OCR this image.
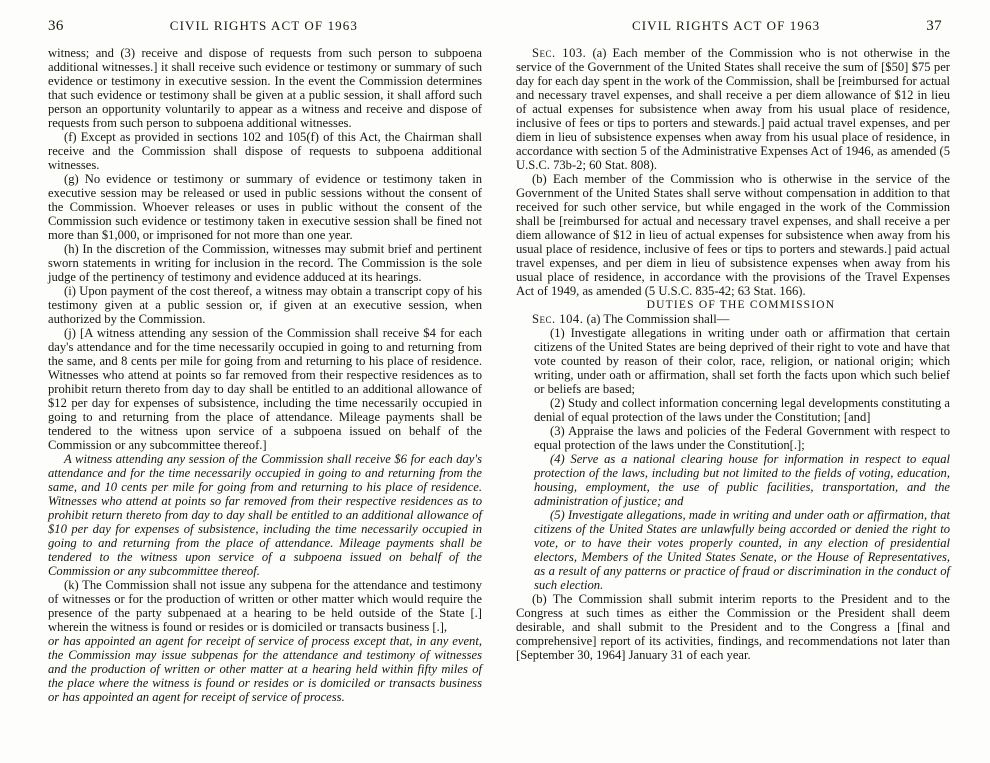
36	CIVIL RIGHTS ACT OF 1963	CIVIL RIGHTS ACT OF 1963	37

witness; and (3) receive and dispose of requests from such person to subpoena additional witnesses.] it shall receive such evidence or testimony or summary of such evidence or testimony in executive session. In the event the Commission determines that such evidence or testimony shall be given at a public session, it shall afford such person an opportunity voluntarily to appear as a witness and receive and dispose of requests from such person to subpoena additional witnesses.

(f) Except as provided in sections 102 and 105(f) of this Act, the Chairman shall receive and the Commission shall dispose of requests to subpoena additional witnesses.

(g) No evidence or testimony or summary of evidence or testimony taken in executive session may be released or used in public sessions without the consent of the Commission. Whoever releases or uses in public without the consent of the Commission such evidence or testimony taken in executive session shall be fined not more than $1,000, or imprisoned for not more than one year.

(h) In the discretion of the Commission, witnesses may submit brief and pertinent sworn statements in writing for inclusion in the record. The Commission is the sole judge of the pertinency of testimony and evidence adduced at its hearings.

(i) Upon payment of the cost thereof, a witness may obtain a transcript copy of his testimony given at a public session or, if given at an executive session, when authorized by the Commission.

(j) [A witness attending any session of the Commission shall receive $4 for each day's attendance and for the time necessarily occupied in going to and returning from the same, and 8 cents per mile for going from and returning to his place of residence. Witnesses who attend at points so far removed from their respective residences as to prohibit return thereto from day to day shall be entitled to an additional allowance of $12 per day for expenses of subsistence, including the time necessarily occupied in going to and returning from the place of attendance. Mileage payments shall be tendered to the witness upon service of a subpoena issued on behalf of the Commission or any subcommittee thereof.]

A witness attending any session of the Commission shall receive $6 for each day's attendance and for the time necessarily occupied in going to and returning from the same, and 10 cents per mile for going from and returning to his place of residence. Witnesses who attend at points so far removed from their respective residences as to prohibit return thereto from day to day shall be entitled to an additional allowance of $10 per day for expenses of subsistence, including the time necessarily occupied in going to and returning from the place of attendance. Mileage payments shall be tendered to the witness upon service of a subpoena issued on behalf of the Commission or any subcommittee thereof.

(k) The Commission shall not issue any subpena for the attendance and testimony of witnesses or for the production of written or other matter which would require the presence of the party subpenaed at a hearing to be held outside of the State [.] wherein the witness is found or resides or is domiciled or transacts business [.],

or has appointed an agent for receipt of service of process except that, in any event, the Commission may issue subpenas for the attendance and testimony of witnesses and the production of written or other matter at a hearing held within fifty miles of the place where the witness is found or resides or is domiciled or transacts business or has appointed an agent for receipt of service of process.

Sec. 103. (a) Each member of the Commission who is not otherwise in the service of the Government of the United States shall receive the sum of [$50] $75 per day for each day spent in the work of the Commission, shall be [reimbursed for actual and necessary travel expenses, and shall receive a per diem allowance of $12 in lieu of actual expenses for subsistence when away from his usual place of residence, inclusive of fees or tips to porters and stewards.] paid actual travel expenses, and per diem in lieu of subsistence expenses when away from his usual place of residence, in accordance with section 5 of the Administrative Expenses Act of 1946, as amended (5 U.S.C. 73b-2; 60 Stat. 808).

(b) Each member of the Commission who is otherwise in the service of the Government of the United States shall serve without compensation in addition to that received for such other service, but while engaged in the work of the Commission shall be [reimbursed for actual and necessary travel expenses, and shall receive a per diem allowance of $12 in lieu of actual expenses for subsistence when away from his usual place of residence, inclusive of fees or tips to porters and stewards.] paid actual travel expenses, and per diem in lieu of subsistence expenses when away from his usual place of residence, in accordance with the provisions of the Travel Expenses Act of 1949, as amended (5 U.S.C. 835-42; 63 Stat. 166).

DUTIES OF THE COMMISSION

Sec. 104. (a) The Commission shall—

(1) Investigate allegations in writing under oath or affirmation that certain citizens of the United States are being deprived of their right to vote and have that vote counted by reason of their color, race, religion, or national origin; which writing, under oath or affirmation, shall set forth the facts upon which such belief or beliefs are based;

(2) Study and collect information concerning legal developments constituting a denial of equal protection of the laws under the Constitution; [and]

(3) Appraise the laws and policies of the Federal Government with respect to equal protection of the laws under the Constitution[.];

(4) Serve as a national clearing house for information in respect to equal protection of the laws, including but not limited to the fields of voting, education, housing, employment, the use of public facilities, transportation, and the administration of justice; and

(5) Investigate allegations, made in writing and under oath or affirmation, that citizens of the United States are unlawfully being accorded or denied the right to vote, or to have their votes properly counted, in any election of presidential electors, Members of the United States Senate, or the House of Representatives, as a result of any patterns or practice of fraud or discrimination in the conduct of such election.

(b) The Commission shall submit interim reports to the President and to the Congress at such times as either the Commission or the President shall deem desirable, and shall submit to the President and to the Congress a [final and comprehensive] report of its activities, findings, and recommendations not later than [September 30, 1964] January 31 of each year.
